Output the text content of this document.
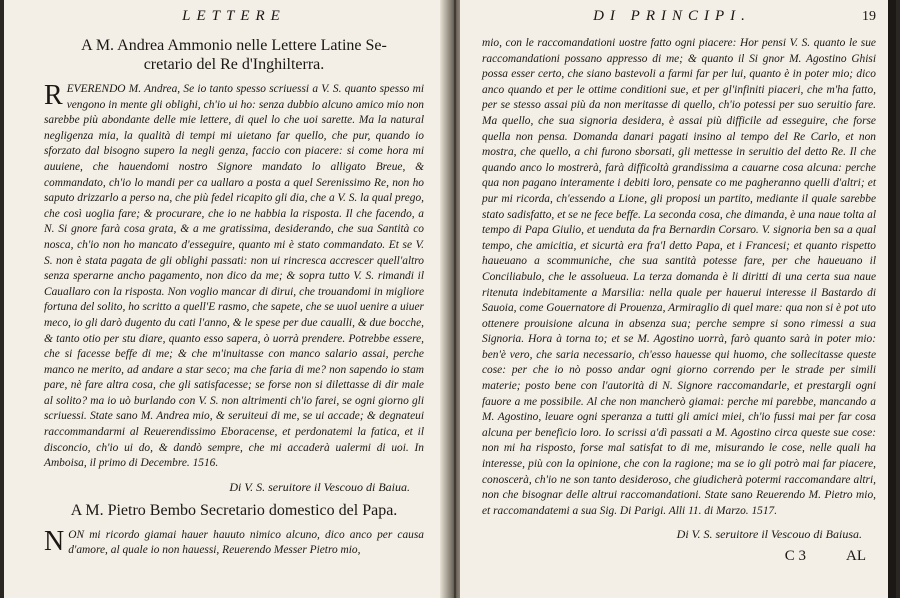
LETTERE
A M. Andrea Ammonio nelle Lettere Latine Se-
cretario del Re d'Inghilterra.

REVERENDO M. Andrea, Se io tanto spesso scriuessi a V. S. quanto spesso mi vengono in mente gli oblighi, ch'io ui ho: senza dubbio alcuno amico mio non sarebbe più abondante delle mie lettere, di quel lo che uoi sarette. Ma la natural negligenza mia, la qualità di tempi mi uietano far quello, che pur, quando io sforzato dal bisogno supero la negli genza, faccio con piacere: si come hora mi auuiene, che hauendomi nostro Signore mandato lo alligato Breue, & commandato, ch'io lo mandi per ca uallaro a posta a quel Serenissimo Re, non ho saputo drizzarlo a perso na, che più fedel ricapito gli dia, che a V. S. la qual prego, che così uoglia fare; & procurare, che io ne habbia la risposta. Il che facendo, a N. Si gnore farà cosa grata, & a me gratissima, desiderando, che sua Santità co nosca, ch'io non ho mancato d'esseguire, quanto mi è stato commandato. Et se V. S. non è stata pagata de gli oblighi passati: non ui rincresca accrescer quell'altro senza sperarne ancho pagamento, non dico da me; & sopra tutto V. S. rimandi il Cauallaro con la risposta. Non voglio mancar di dirui, che trouandomi in migliore fortuna del solito, ho scritto a quell'E rasmo, che sapete, che se uuol uenire a uiuer meco, io gli darò dugento du cati l'anno, & le spese per due caualli, & due bocche, & tanto otio per stu diare, quanto esso sapera, ò uorrà prendere. Potrebbe essere, che si facesse beffe di me; & che m'inuitasse con manco salario assai, perche manco ne merito, ad andare a star seco; ma che faria di me? non sapendo io stam pare, nè fare altra cosa, che gli satisfacesse; se forse non si dilettasse di dir male al solito? ma io uò burlando con V. S. non altrimenti ch'io farei, se ogni giorno gli scriuessi. State sano M. Andrea mio, & seruiteui di me, se ui accade; & degnateui raccommandarmi al Reuerendissimo Eboracense, et perdonatemi la fatica, et il disconcio, ch'io ui do, & dandò sempre, che mi accaderà ualermi di uoi. In Amboisa, il primo di Decembre. 1516.

Di V. S. seruitore il Vescouo di Baiua.
A M. Pietro Bembo Secretario domestico del Papa.

NON mi ricordo giamai hauer hauuto nimico alcuno, dico anco per causa d'amore, al quale io non hauessi, Reuerendo Messer Pietro mio,

DI PRINCIPI.	19

mio, con le raccomandationi uostre fatto ogni piacere: Hor pensi V. S. quanto le sue raccomandationi possano appresso di me; & quanto il Si gnor M. Agostino Ghisi possa esser certo, che siano bastevoli a farmi far per lui, quanto è in poter mio; dico anco quando et per le ottime conditioni sue, et per gl'infiniti piaceri, che m'ha fatto, per se stesso assai più da non meritasse di quello, ch'io potessi per suo seruitio fare. Ma quello, che sua signoria desidera, è assai più difficile ad esseguire, che forse quella non pensa. Domanda danari pagati insino al tempo del Re Carlo, et non mostra, che quello, a chi furono sborsati, gli mettesse in seruitio del detto Re. Il che quando anco lo mostrerà, farà difficoltà grandissima a cauarne cosa alcuna: perche qua non pagano interamente i debiti loro, pensate co me pagheranno quelli d'altri; et pur mi ricorda, ch'essendo a Lione, gli proposi un partito, mediante il quale sarebbe stato sadisfatto, et se ne fece beffe. La seconda cosa, che dimanda, è una naue tolta al tempo di Papa Giulio, et uenduta da fra Bernardin Corsaro. V. signoria ben sa a qual tempo, che amicitia, et sicurtà era fra'l detto Papa, et i Francesi; et quanto rispetto haueuano a scommuniche, che sua santità potesse fare, per che haueuano il Conciliabulo, che le assolueua. La terza domanda è li diritti di una certa sua naue ritenuta indebitamente a Marsilia: nella quale per hauerui interesse il Bastardo di Sauoia, come Gouernatore di Prouenza, Armiraglio di quel mare: qua non si è pot uto ottenere prouisione alcuna in absenza sua; perche sempre si sono rimessi a sua Signoria. Hora à torna to; et se M. Agostino uorrà, farò quanto sarà in poter mio: ben'è vero, che saria necessario, ch'esso hauesse qui huomo, che sollecitasse queste cose: per che io nò posso andar ogni giorno correndo per le strade per simili materie; posto bene con l'autorità di N. Signore raccomandarle, et prestargli ogni fauore a me possibile. Al che non mancherò giamai: perche mi parebbe, mancando a M. Agostino, leuare ogni speranza a tutti gli amici miei, ch'io fussi mai per far cosa alcuna per beneficio loro. Io scrissi a'dì passati a M. Agostino circa queste sue cose: non mi ha risposto, forse mal satisfat to di me, misurando le cose, nelle quali ha interesse, più con la opinione, che con la ragione; ma se io gli potrò mai far piacere, conoscerà, ch'io ne son tanto desideroso, che giudicherà potermi raccomandare altri, non che bisognar delle altrui raccomandationi. State sano Reuerendo M. Pietro mio, et raccomandatemi a sua Sig. Di Parigi. Alli 11. di Marzo. 1517.

Di V. S. seruitore il Vescouo di Baiusa.
C 3	AL
